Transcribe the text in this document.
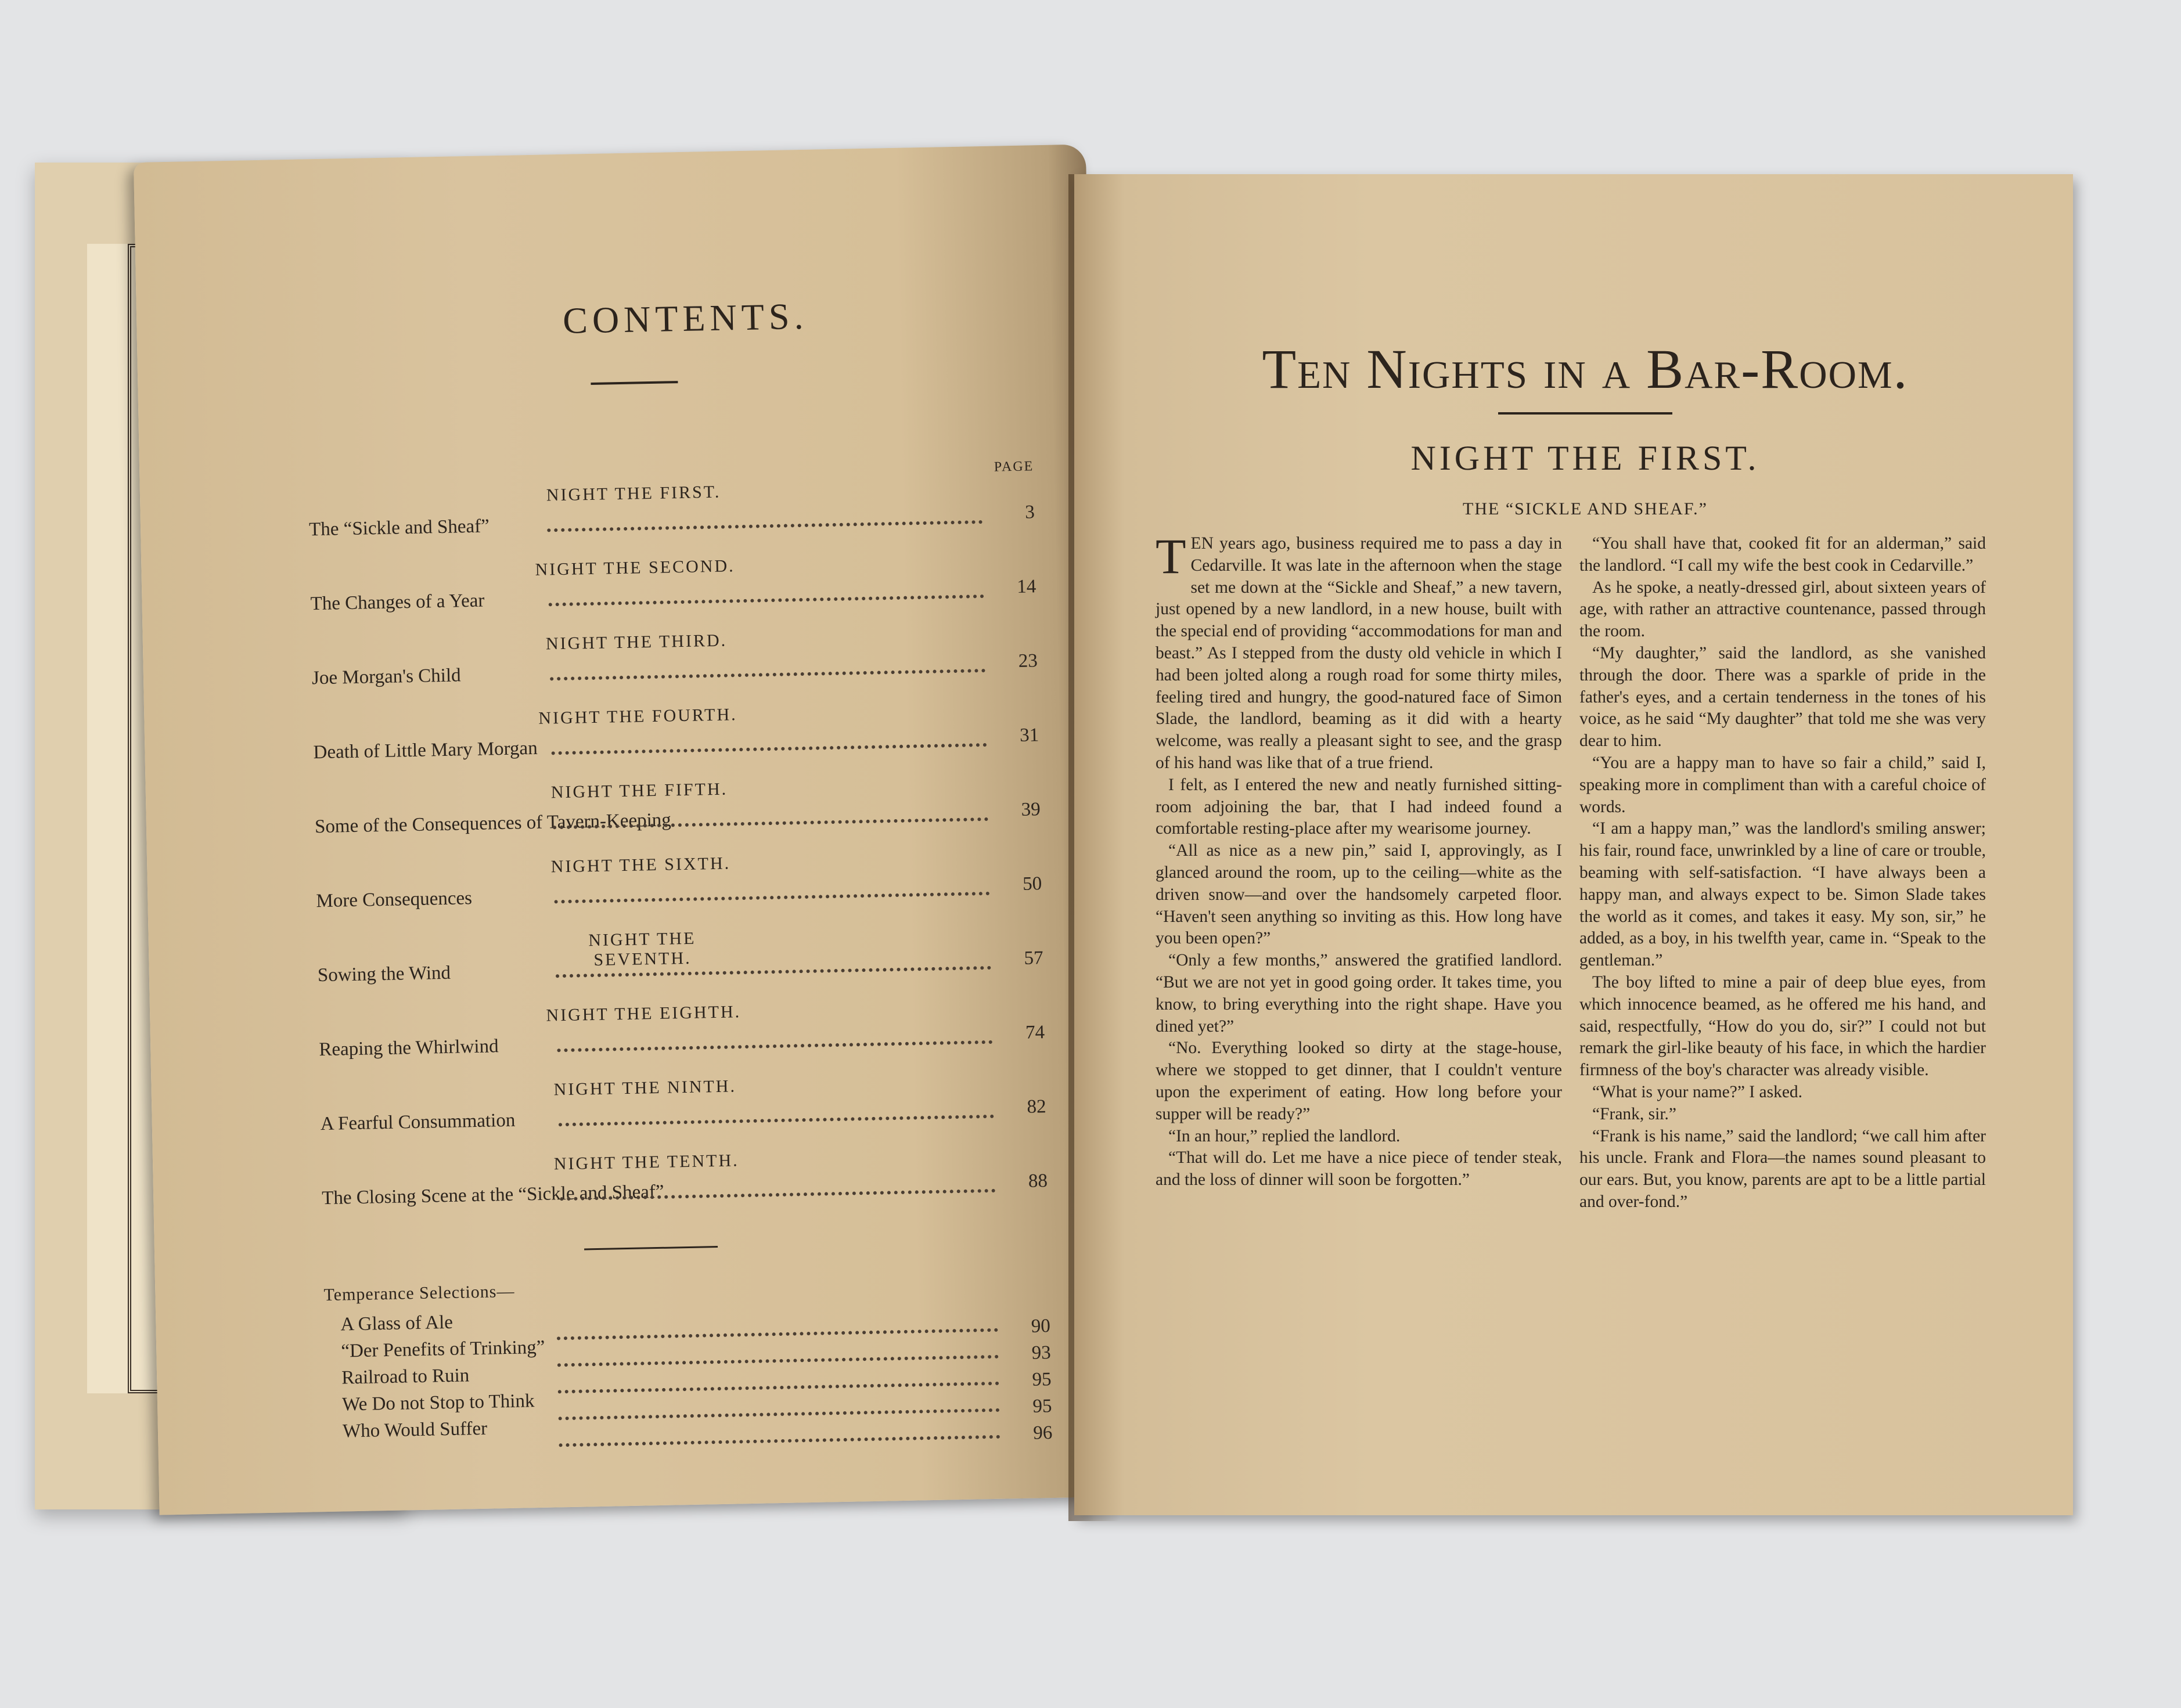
CONTENTS.
PAGE
NIGHT THE FIRST.
The “Sickle and Sheaf”
3
NIGHT THE SECOND.
The Changes of a Year
14
NIGHT THE THIRD.
Joe Morgan's Child
23
NIGHT THE FOURTH.
Death of Little Mary Morgan
31
NIGHT THE FIFTH.
Some of the Consequences of Tavern-Keeping	39
NIGHT THE SIXTH.
More Consequences
50
NIGHT THE SEVENTH.
Sowing the Wind
57
NIGHT THE EIGHTH.
Reaping the Whirlwind
74
NIGHT THE NINTH.
A Fearful Consummation
82
NIGHT THE TENTH.
The Closing Scene at the “Sickle and Sheaf”
88
Temperance Selections—
A Glass of Ale	90
“Der Penefits of Trinking”	93
Railroad to Ruin	95
We Do not Stop to Think	95
Who Would Suffer	96
Ten Nights in a Bar-Room.
NIGHT THE FIRST.
THE “SICKLE AND SHEAF.”

TEN years ago, business required me to pass a day in Cedarville. It was late in the afternoon when the stage set me down at the “Sickle and Sheaf,” a new tavern, just opened by a new landlord, in a new house, built with the special end of providing “accommodations for man and beast.” As I stepped from the dusty old vehicle in which I had been jolted along a rough road for some thirty miles, feeling tired and hungry, the good-natured face of Simon Slade, the landlord, beaming as it did with a hearty welcome, was really a pleasant sight to see, and the grasp of his hand was like that of a true friend.

I felt, as I entered the new and neatly furnished sitting-room adjoining the bar, that I had indeed found a comfortable resting-place after my wearisome journey.

“All as nice as a new pin,” said I, approvingly, as I glanced around the room, up to the ceiling—white as the driven snow—and over the handsomely carpeted floor. “Haven't seen anything so inviting as this. How long have you been open?”

“Only a few months,” answered the gratified landlord. “But we are not yet in good going order. It takes time, you know, to bring everything into the right shape. Have you dined yet?”

“No. Everything looked so dirty at the stage-house, where we stopped to get dinner, that I couldn't venture upon the experiment of eating. How long before your supper will be ready?”

“In an hour,” replied the landlord.

“That will do. Let me have a nice piece of tender steak, and the loss of dinner will soon be forgotten.”

“You shall have that, cooked fit for an alderman,” said the landlord. “I call my wife the best cook in Cedarville.”

As he spoke, a neatly-dressed girl, about sixteen years of age, with rather an attractive countenance, passed through the room.

“My daughter,” said the landlord, as she vanished through the door. There was a sparkle of pride in the father's eyes, and a certain tenderness in the tones of his voice, as he said “My daughter” that told me she was very dear to him.

“You are a happy man to have so fair a child,” said I, speaking more in compliment than with a careful choice of words.

“I am a happy man,” was the landlord's smiling answer; his fair, round face, unwrinkled by a line of care or trouble, beaming with self-satisfaction. “I have always been a happy man, and always expect to be. Simon Slade takes the world as it comes, and takes it easy. My son, sir,” he added, as a boy, in his twelfth year, came in. “Speak to the gentleman.”

The boy lifted to mine a pair of deep blue eyes, from which innocence beamed, as he offered me his hand, and said, respectfully, “How do you do, sir?” I could not but remark the girl-like beauty of his face, in which the hardier firmness of the boy's character was already visible.

“What is your name?” I asked.

“Frank, sir.”

“Frank is his name,” said the landlord; “we call him after his uncle. Frank and Flora—the names sound pleasant to our ears. But, you know, parents are apt to be a little partial and over-fond.”
